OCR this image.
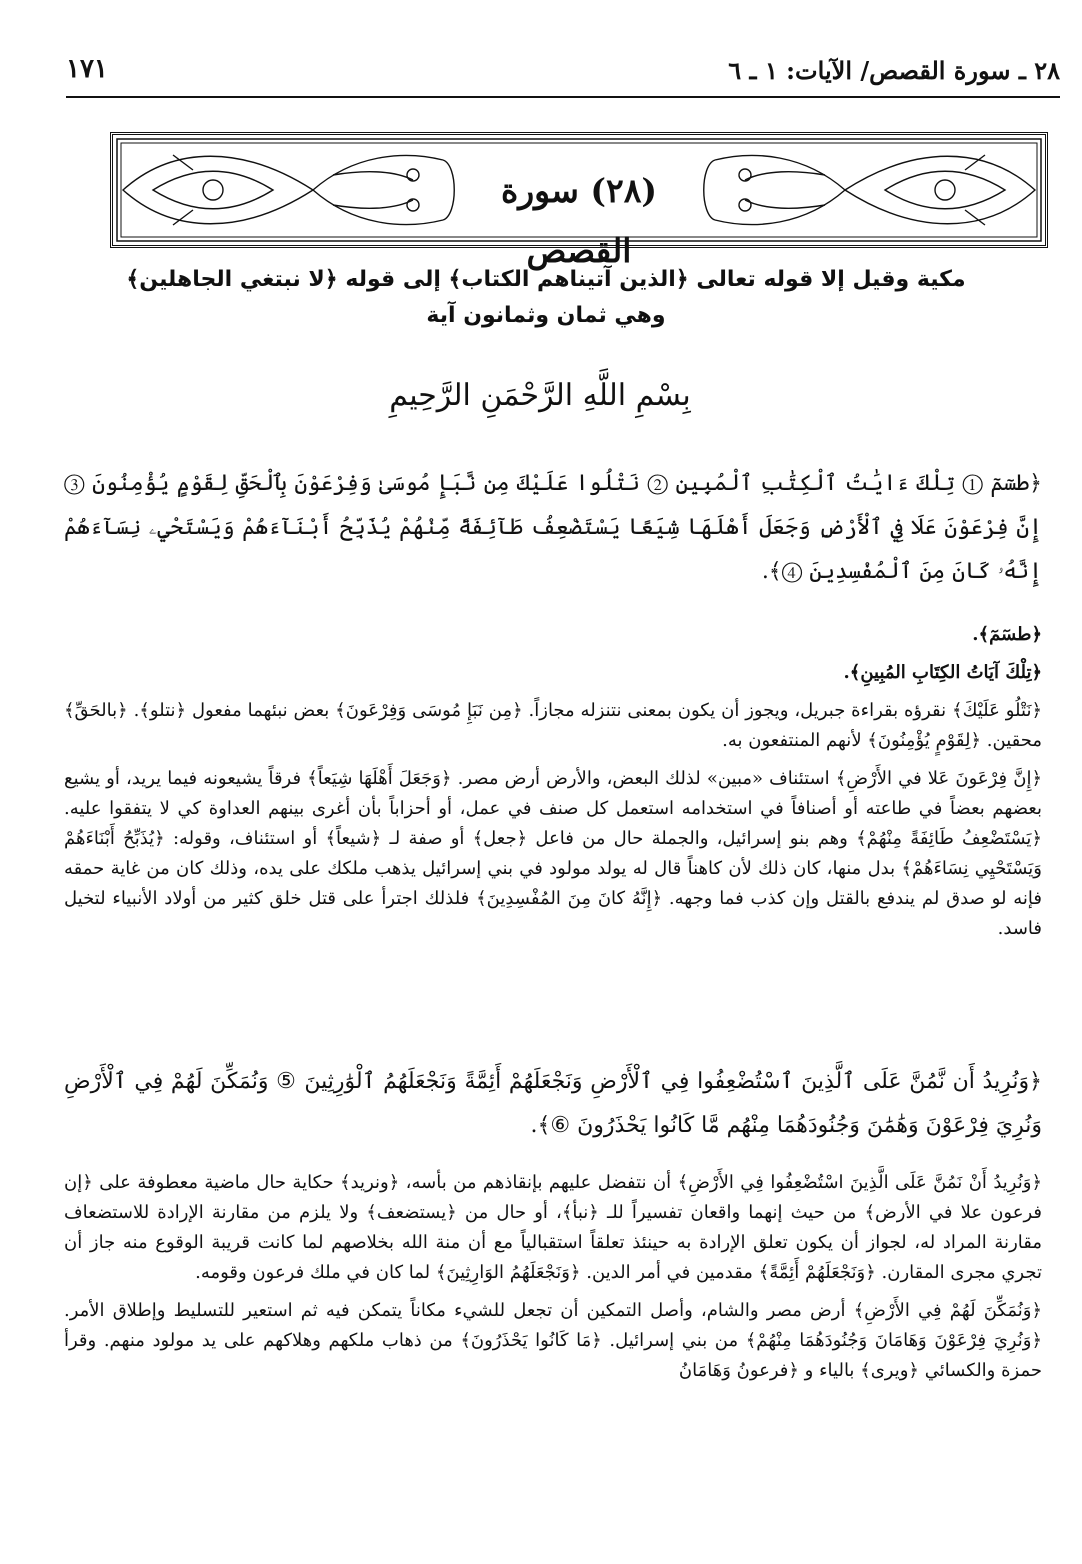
٢٨ ـ سورة القصص/ الآيات: ١ ـ ٦
١٧١
(٢٨) سورة القصص
مكية وقيل إلا قوله تعالى ﴿الذين آتيناهم الكتاب﴾ إلى قوله ﴿لا نبتغي الجاهلين﴾
وهي ثمان وثمانون آية
بِسْمِ اللَّهِ الرَّحْمَنِ الرَّحِيمِ
﴿طسٓمٓ ① تِلْكَ ءَايَٰتُ ٱلْكِتَٰبِ ٱلْمُبِينِ ② نَتْلُوا عَلَيْكَ مِن نَّبَإِ مُوسَىٰ وَفِرْعَوْنَ بِٱلْحَقِّ لِقَوْمٍ يُؤْمِنُونَ ③ إِنَّ فِرْعَوْنَ عَلَا فِي ٱلْأَرْضِ وَجَعَلَ أَهْلَهَا شِيَعًا يَسْتَضْعِفُ طَآئِفَةً مِّنْهُمْ يُذَبِّحُ أَبْنَآءَهُمْ وَيَسْتَحْيِۦ نِسَآءَهُمْ إِنَّهُۥ كَانَ مِنَ ٱلْمُفْسِدِينَ ④﴾.

﴿طسٓمٓ﴾.

﴿تِلْكَ آيَاتُ الكِتَابِ المُبِينِ﴾.

﴿نَتْلُو عَلَيْكَ﴾ نقرؤه بقراءة جبريل، ويجوز أن يكون بمعنى نتنزله مجازاً. ﴿مِن نَبَإِ مُوسَى وَفِرْعَونَ﴾ بعض نبئهما مفعول ﴿نتلو﴾. ﴿بالحَقِّ﴾ محقين. ﴿لِقَوْمٍ يُؤْمِنُونَ﴾ لأنهم المنتفعون به.

﴿إِنَّ فِرْعَونَ عَلا في الأَرْضِ﴾ استئناف «مبين» لذلك البعض، والأرض أرض مصر. ﴿وَجَعَلَ أَهْلَهَا شِيَعاً﴾ فرقاً يشيعونه فيما يريد، أو يشيع بعضهم بعضاً في طاعته أو أصنافاً في استخدامه استعمل كل صنف في عمل، أو أحزاباً بأن أغرى بينهم العداوة كي لا يتفقوا عليه. ﴿يَسْتَضْعِفُ طَائِفَةً مِنْهُمْ﴾ وهم بنو إسرائيل، والجملة حال من فاعل ﴿جعل﴾ أو صفة لـ ﴿شيعاً﴾ أو استئناف، وقوله: ﴿يُذَبِّحُ أَبْنَاءَهُمْ وَيَسْتَحْيِي نِسَاءَهُمْ﴾ بدل منها، كان ذلك لأن كاهناً قال له يولد مولود في بني إسرائيل يذهب ملكك على يده، وذلك كان من غاية حمقه فإنه لو صدق لم يندفع بالقتل وإن كذب فما وجهه. ﴿إِنَّهُ كانَ مِنَ المُفْسِدِينَ﴾ فلذلك اجترأ على قتل خلق كثير من أولاد الأنبياء لتخيل فاسد.

﴿وَنُرِيدُ أَن نَّمُنَّ عَلَى ٱلَّذِينَ ٱسْتُضْعِفُوا فِي ٱلْأَرْضِ وَنَجْعَلَهُمْ أَئِمَّةً وَنَجْعَلَهُمُ ٱلْوَٰرِثِينَ ⑤ وَنُمَكِّنَ لَهُمْ فِي ٱلْأَرْضِ وَنُرِيَ فِرْعَوْنَ وَهَٰمَٰنَ وَجُنُودَهُمَا مِنْهُم مَّا كَانُوا يَحْذَرُونَ ⑥﴾.

﴿وَنُرِيدُ أَنْ نَمُنَّ عَلَى الَّذِينَ اسْتُضْعِفُوا فِي الأَرْضِ﴾ أن نتفضل عليهم بإنقاذهم من بأسه، ﴿ونريد﴾ حكاية حال ماضية معطوفة على ﴿إن فرعون علا في الأرض﴾ من حيث إنهما واقعان تفسيراً للـ ﴿نبأ﴾، أو حال من ﴿يستضعف﴾ ولا يلزم من مقارنة الإرادة للاستضعاف مقارنة المراد له، لجواز أن يكون تعلق الإرادة به حينئذ تعلقاً استقبالياً مع أن منة الله بخلاصهم لما كانت قريبة الوقوع منه جاز أن تجري مجرى المقارن. ﴿وَنَجْعَلَهُمْ أَئِمَّةً﴾ مقدمين في أمر الدين. ﴿وَنَجْعَلَهُمُ الوَارِثِينَ﴾ لما كان في ملك فرعون وقومه.

﴿وَنُمَكِّنَ لَهُمْ فِي الأَرْضِ﴾ أرض مصر والشام، وأصل التمكين أن تجعل للشيء مكاناً يتمكن فيه ثم استعير للتسليط وإطلاق الأمر. ﴿وَنُرِيَ فِرْعَوْنَ وَهَامَانَ وَجُنُودَهُمَا مِنْهُمْ﴾ من بني إسرائيل. ﴿مَا كَانُوا يَحْذَرُونَ﴾ من ذهاب ملكهم وهلاكهم على يد مولود منهم. وقرأ حمزة والكسائي ﴿ويرى﴾ بالياء و ﴿فرعونُ وَهَامَانُ
